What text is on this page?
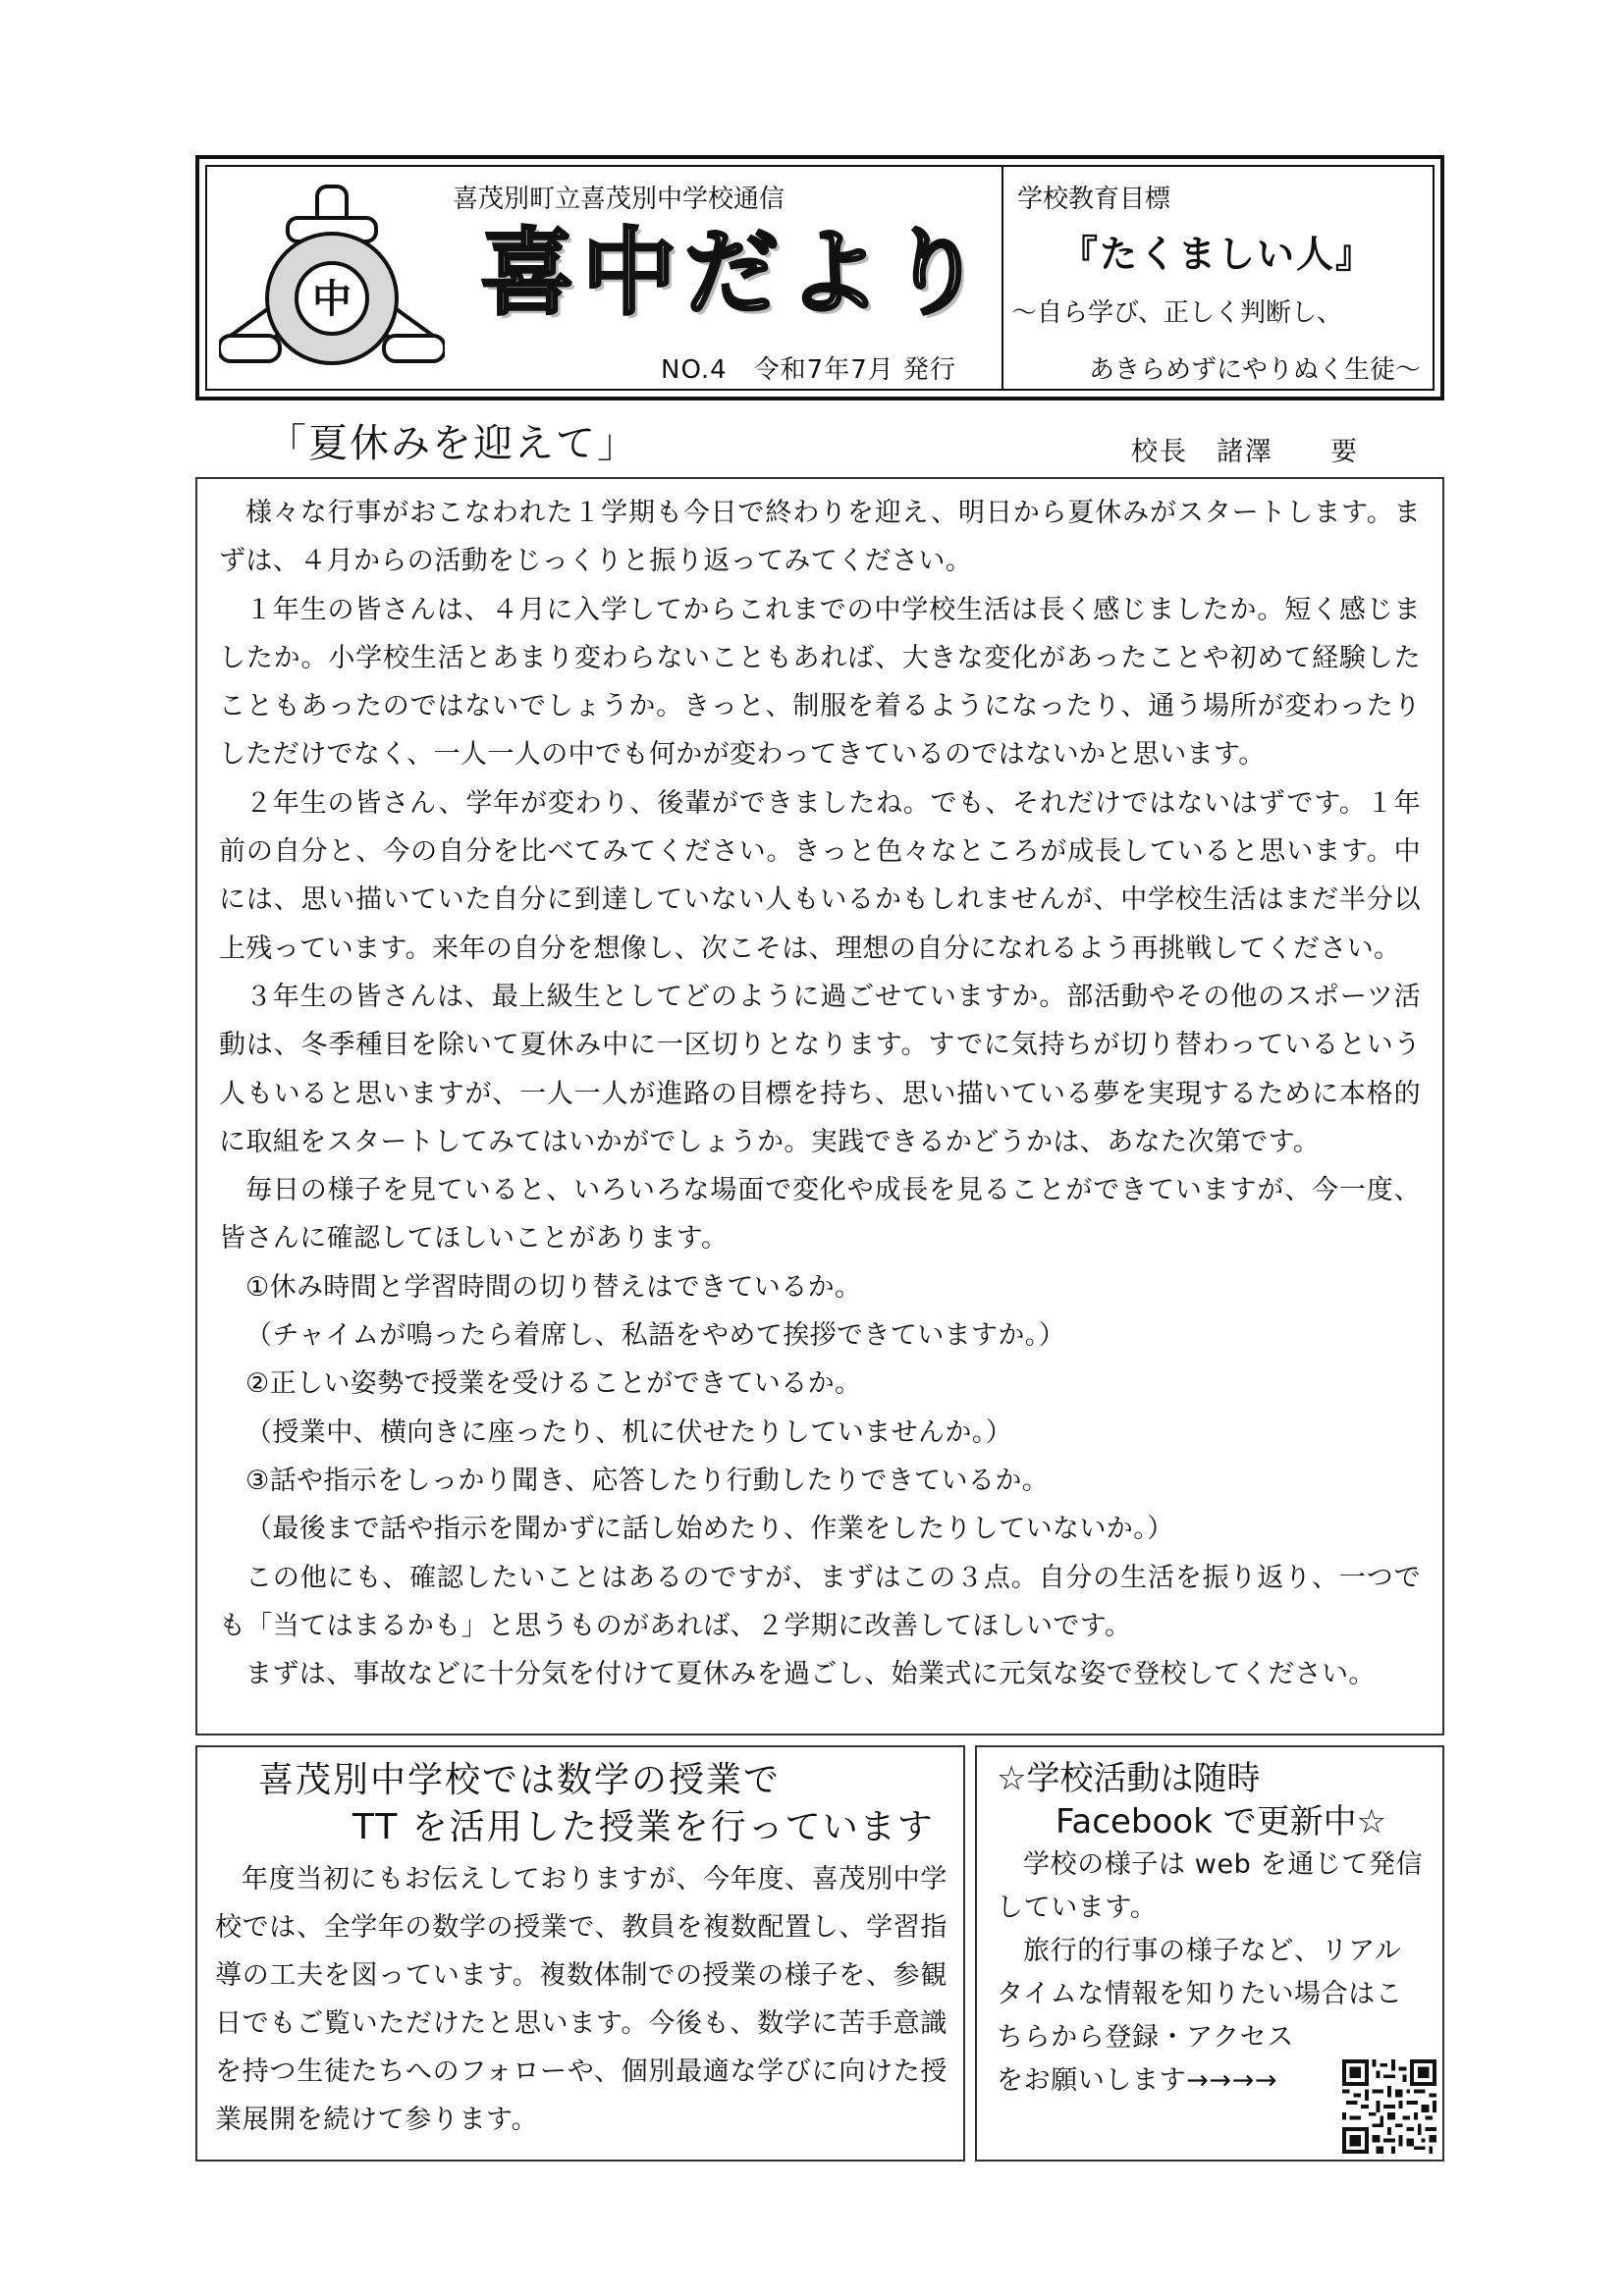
中
喜茂別町立喜茂別中学校通信
喜中だより
NO.4　令和7年7月 発行
学校教育目標
『たくましい人』
〜自ら学び、正しく判断し、
あきらめずにやりぬく生徒〜
「夏休みを迎えて」	校長　諸澤　　要

様々な行事がおこなわれた１学期も今日で終わりを迎え、明日から夏休みがスタートします。まずは、４月からの活動をじっくりと振り返ってみてください。

１年生の皆さんは、４月に入学してからこれまでの中学校生活は長く感じましたか。短く感じましたか。小学校生活とあまり変わらないこともあれば、大きな変化があったことや初めて経験したこともあったのではないでしょうか。きっと、制服を着るようになったり、通う場所が変わったりしただけでなく、一人一人の中でも何かが変わってきているのではないかと思います。

２年生の皆さん、学年が変わり、後輩ができましたね。でも、それだけではないはずです。１年前の自分と、今の自分を比べてみてください。きっと色々なところが成長していると思います。中には、思い描いていた自分に到達していない人もいるかもしれませんが、中学校生活はまだ半分以上残っています。来年の自分を想像し、次こそは、理想の自分になれるよう再挑戦してください。

３年生の皆さんは、最上級生としてどのように過ごせていますか。部活動やその他のスポーツ活動は、冬季種目を除いて夏休み中に一区切りとなります。すでに気持ちが切り替わっているという人もいると思いますが、一人一人が進路の目標を持ち、思い描いている夢を実現するために本格的に取組をスタートしてみてはいかがでしょうか。実践できるかどうかは、あなた次第です。

毎日の様子を見ていると、いろいろな場面で変化や成長を見ることができていますが、今一度、皆さんに確認してほしいことがあります。

①休み時間と学習時間の切り替えはできているか。

（チャイムが鳴ったら着席し、私語をやめて挨拶できていますか。）

②正しい姿勢で授業を受けることができているか。

（授業中、横向きに座ったり、机に伏せたりしていませんか。）

③話や指示をしっかり聞き、応答したり行動したりできているか。

（最後まで話や指示を聞かずに話し始めたり、作業をしたりしていないか。）

この他にも、確認したいことはあるのですが、まずはこの３点。自分の生活を振り返り、一つでも「当てはまるかも」と思うものがあれば、２学期に改善してほしいです。

まずは、事故などに十分気を付けて夏休みを過ごし、始業式に元気な姿で登校してください。

喜茂別中学校では数学の授業で

TT を活用した授業を行っています

年度当初にもお伝えしておりますが、今年度、喜茂別中学校では、全学年の数学の授業で、教員を複数配置し、学習指導の工夫を図っています。複数体制での授業の様子を、参観日でもご覧いただけたと思います。今後も、数学に苦手意識を持つ生徒たちへのフォローや、個別最適な学びに向けた授業展開を続けて参ります。

☆学校活動は随時

Facebook で更新中☆

学校の様子は web を通じて発信しています。

旅行的行事の様子など、リアルタイムな情報を知りたい場合はこちらから登録・アクセス

をお願いします→→→→
